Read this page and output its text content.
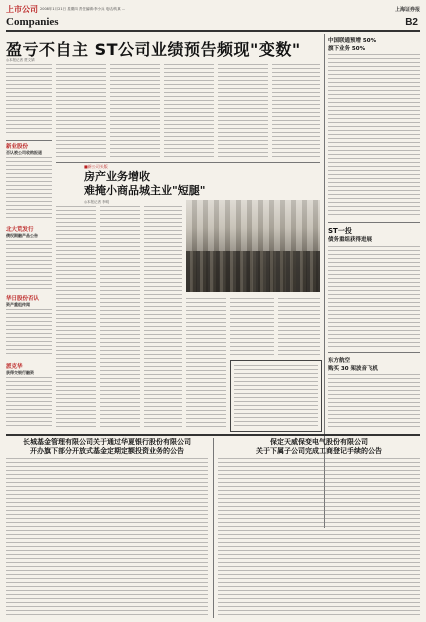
上市公司 2008年1月21日 星期四 责任编辑:李小兵 电话/传真 ...	上海证券报
Companies	B2
盈亏不自主 ST公司业绩预告频现"变数"
◎本报记者 贾文婧
新业股份
否认被公司收购报道
北大荒发行
债权期融产品公告
华日股份否认
资产重组传闻
派克华
获得交银行融资
■新公司头版
房产业务增收
难掩小商品城主业"短腿"
◎本报记者 李明
中国联通预增 50%
旗下业务 50%
ST一投
债务重组获得进展
东方航空
购买 30 架波音飞机
长城基金管理有限公司关于通过华夏银行股份有限公司
开办旗下部分开放式基金定期定额投资业务的公告
保定天威保变电气股份有限公司
关于下属子公司完成工商登记手续的公告
